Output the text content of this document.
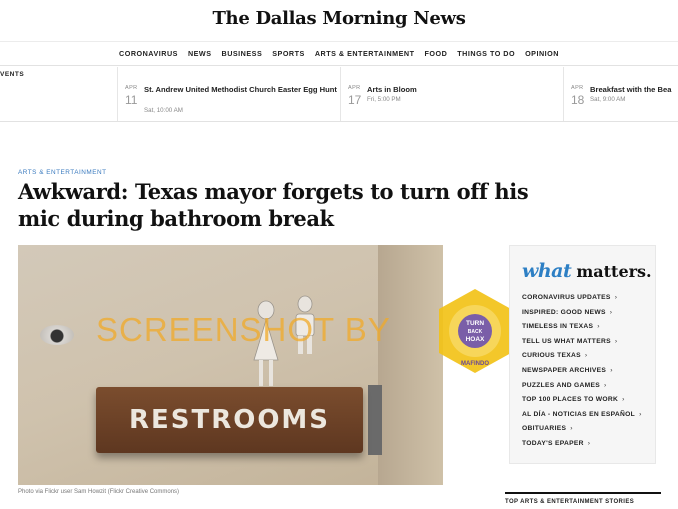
The Dallas Morning News
CORONAVIRUS	NEWS	BUSINESS	SPORTS	ARTS & ENTERTAINMENT	FOOD	THINGS TO DO	OPINION
VENTS
APR
11
St. Andrew United Methodist Church Easter Egg Hunt
Sat, 10:00 AM
APR
17
Arts in Bloom
Fri, 5:00 PM
APR
18
Breakfast with the Bea
Sat, 9:00 AM
ARTS & ENTERTAINMENT
Awkward: Texas mayor forgets to turn off his mic during bathroom break
RESTROOMS
SCREENSHOT BY	TURN
BACK
HOAX
MAFINDO
Photo via Flickr user Sam Howzit (Flickr Creative Commons)
what matters.
CORONAVIRUS UPDATES ›
INSPIRED: GOOD NEWS ›
TIMELESS IN TEXAS ›
TELL US WHAT MATTERS ›
CURIOUS TEXAS ›
NEWSPAPER ARCHIVES ›
PUZZLES AND GAMES ›
TOP 100 PLACES TO WORK ›
AL DÍA - NOTICIAS EN ESPAÑOL ›
OBITUARIES ›
TODAY'S EPAPER ›
TOP ARTS & ENTERTAINMENT STORIES
